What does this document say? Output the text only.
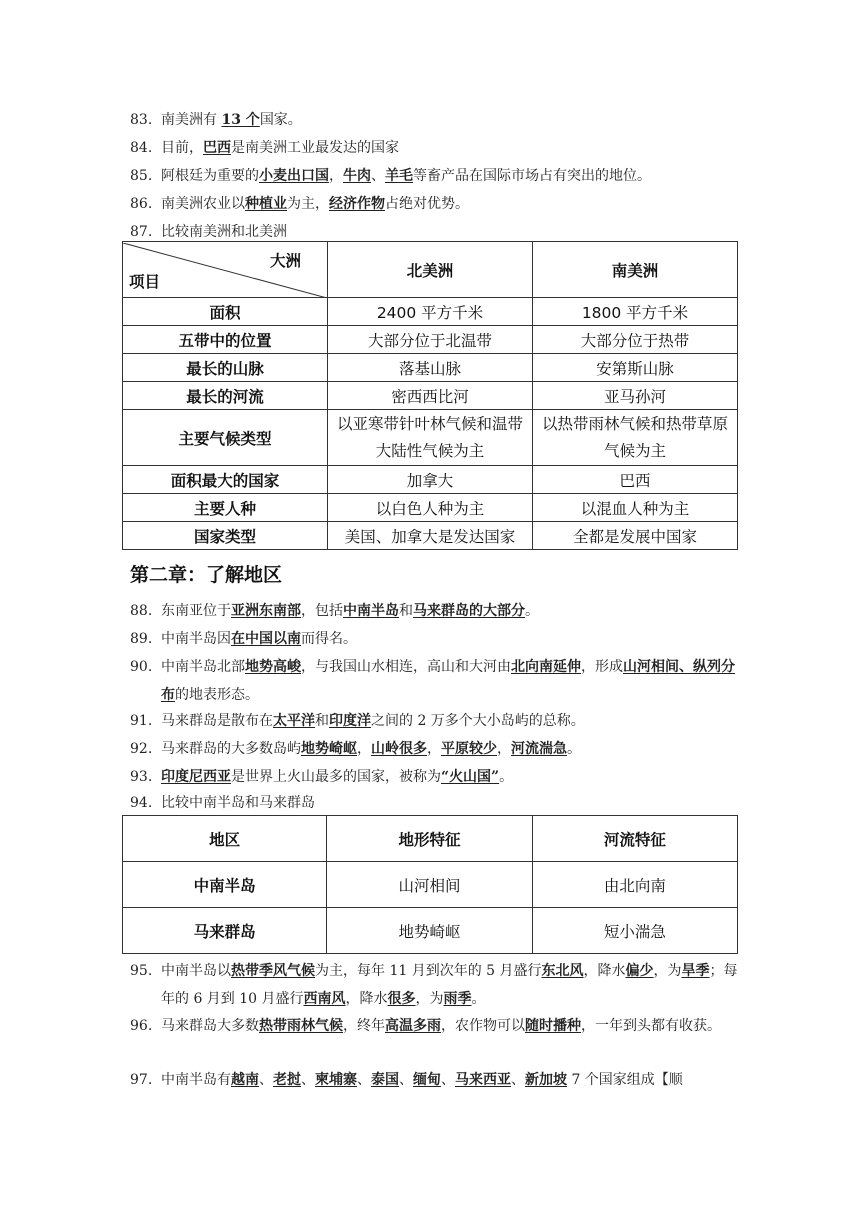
83. 南美洲有 13 个国家。
84. 目前，巴西是南美洲工业最发达的国家
85. 阿根廷为重要的小麦出口国，牛肉、羊毛等畜产品在国际市场占有突出的地位。
86. 南美洲农业以种植业为主，经济作物占绝对优势。
87. 比较南美洲和北美洲
大洲
项目	北美洲	南美洲
面积	2400 平方千米	1800 平方千米
五带中的位置	大部分位于北温带	大部分位于热带
最长的山脉	落基山脉	安第斯山脉
最长的河流	密西西比河	亚马孙河
主要气候类型	以亚寒带针叶林气候和温带大陆性气候为主	以热带雨林气候和热带草原气候为主
面积最大的国家	加拿大	巴西
主要人种	以白色人种为主	以混血人种为主
国家类型	美国、加拿大是发达国家	全都是发展中国家
第二章：了解地区
88. 东南亚位于亚洲东南部，包括中南半岛和马来群岛的大部分。
89. 中南半岛因在中国以南而得名。
90. 中南半岛北部地势高峻，与我国山水相连，高山和大河由北向南延伸，形成山河相间、纵列分布的地表形态。
91. 马来群岛是散布在太平洋和印度洋之间的 2 万多个大小岛屿的总称。
92. 马来群岛的大多数岛屿地势崎岖，山岭很多，平原较少，河流湍急。
93. 印度尼西亚是世界上火山最多的国家，被称为“火山国”。
94. 比较中南半岛和马来群岛
地区	地形特征	河流特征
中南半岛	山河相间	由北向南
马来群岛	地势崎岖	短小湍急
95. 中南半岛以热带季风气候为主，每年 11 月到次年的 5 月盛行东北风，降水偏少，为旱季；每年的 6 月到 10 月盛行西南风，降水很多，为雨季。
96. 马来群岛大多数热带雨林气候，终年高温多雨，农作物可以随时播种，一年到头都有收获。
97. 中南半岛有越南、老挝、柬埔寨、泰国、缅甸、马来西亚、新加坡 7 个国家组成【顺
